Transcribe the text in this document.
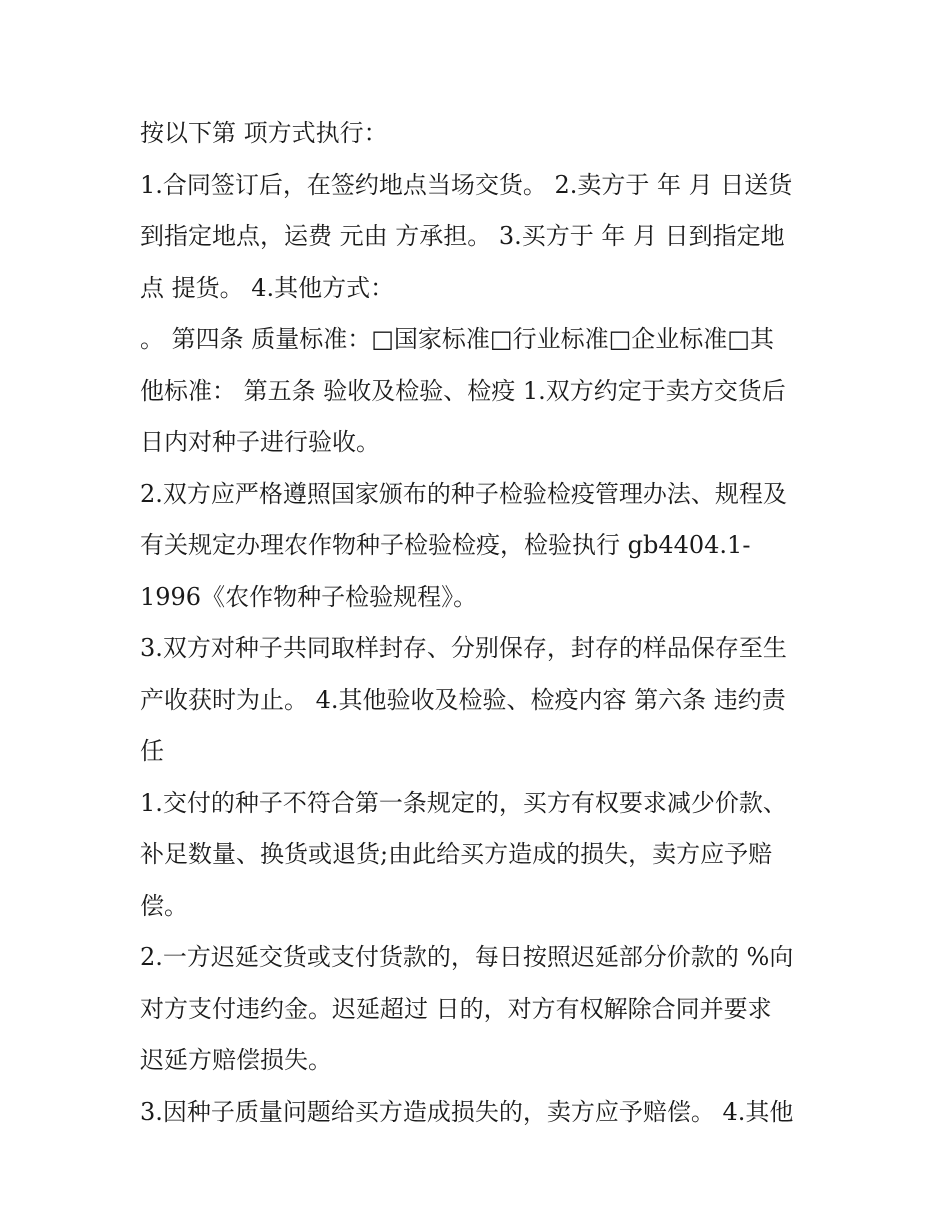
按以下第 项方式执行：
1.合同签订后，在签约地点当场交货。 2.卖方于 年 月 日送货
到指定地点，运费 元由 方承担。 3.买方于 年 月 日到指定地
点 提货。 4.其他方式：
。 第四条 质量标准：□国家标准□行业标准□企业标准□其
他标准： 第五条 验收及检验、检疫 1.双方约定于卖方交货后
日内对种子进行验收。
2.双方应严格遵照国家颁布的种子检验检疫管理办法、规程及
有关规定办理农作物种子检验检疫，检验执行 gb4404.1-
1996《农作物种子检验规程》。
3.双方对种子共同取样封存、分别保存，封存的样品保存至生
产收获时为止。 4.其他验收及检验、检疫内容 第六条 违约责
任
1.交付的种子不符合第一条规定的，买方有权要求减少价款、
补足数量、换货或退货;由此给买方造成的损失，卖方应予赔
偿。
2.一方迟延交货或支付货款的，每日按照迟延部分价款的 %向
对方支付违约金。迟延超过 日的，对方有权解除合同并要求
迟延方赔偿损失。
3.因种子质量问题给买方造成损失的，卖方应予赔偿。 4.其他
